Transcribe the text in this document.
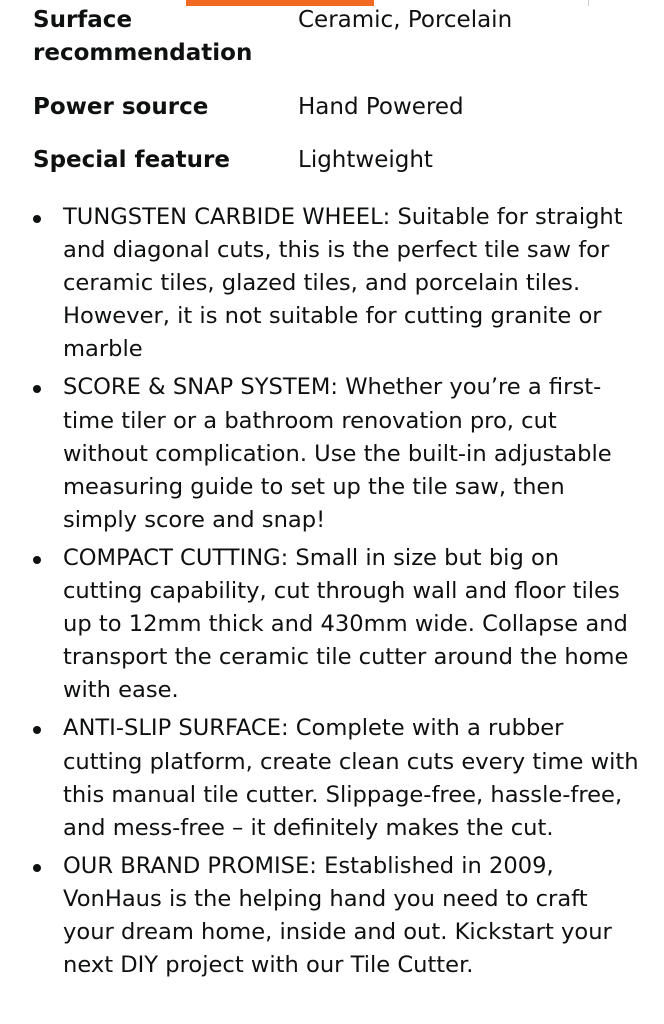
Surface recommendation
Ceramic, Porcelain
Power source	Hand Powered
Special feature	Lightweight
TUNGSTEN CARBIDE WHEEL: Suitable for straight and diagonal cuts, this is the perfect tile saw for ceramic tiles, glazed tiles, and porcelain tiles. However, it is not suitable for cutting granite or marble
SCORE & SNAP SYSTEM: Whether you’re a first-time tiler or a bathroom renovation pro, cut without complication. Use the built-in adjustable measuring guide to set up the tile saw, then simply score and snap!
COMPACT CUTTING: Small in size but big on cutting capability, cut through wall and floor tiles up to 12mm thick and 430mm wide. Collapse and transport the ceramic tile cutter around the home with ease.
ANTI-SLIP SURFACE: Complete with a rubber cutting platform, create clean cuts every time with this manual tile cutter. Slippage-free, hassle-free, and mess-free – it definitely makes the cut.
OUR BRAND PROMISE: Established in 2009, VonHaus is the helping hand you need to craft your dream home, inside and out. Kickstart your next DIY project with our Tile Cutter.
